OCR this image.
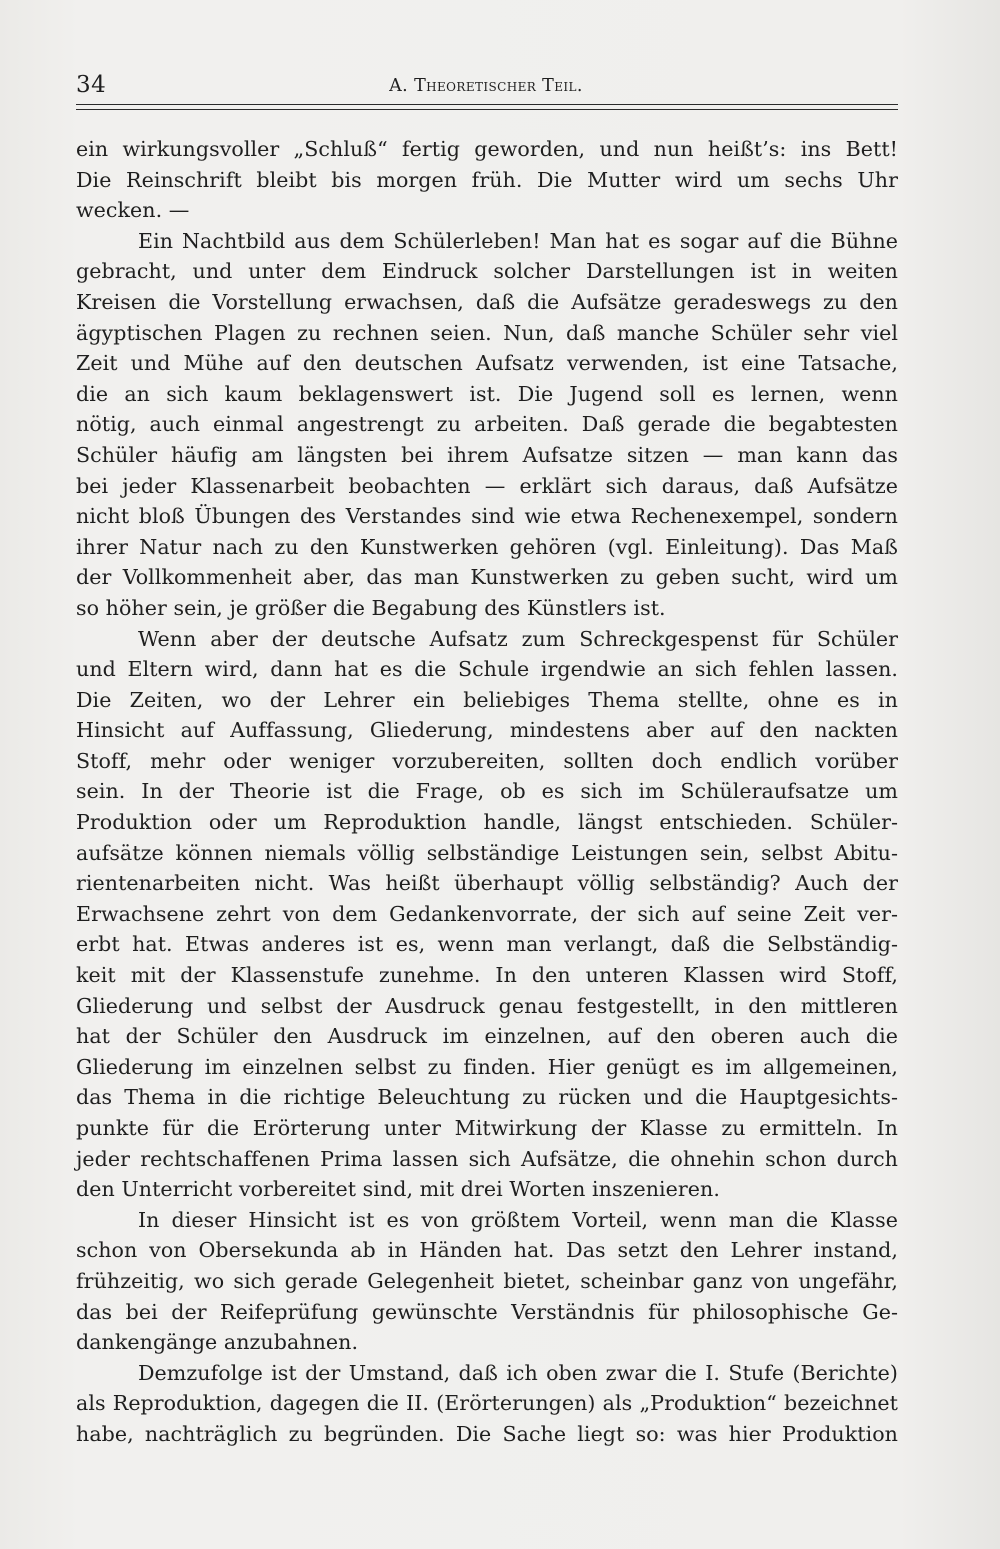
34	A. Theoretischer Teil.
ein wirkungsvoller „Schluß“ fertig geworden, und nun heißt’s: ins Bett!
Die Reinschrift bleibt bis morgen früh. Die Mutter wird um sechs Uhr
wecken. —
Ein Nachtbild aus dem Schülerleben! Man hat es sogar auf die Bühne
gebracht, und unter dem Eindruck solcher Darstellungen ist in weiten
Kreisen die Vorstellung erwachsen, daß die Aufsätze geradeswegs zu den
ägyptischen Plagen zu rechnen seien. Nun, daß manche Schüler sehr viel
Zeit und Mühe auf den deutschen Aufsatz verwenden, ist eine Tatsache,
die an sich kaum beklagenswert ist. Die Jugend soll es lernen, wenn
nötig, auch einmal angestrengt zu arbeiten. Daß gerade die begabtesten
Schüler häufig am längsten bei ihrem Aufsatze sitzen — man kann das
bei jeder Klassenarbeit beobachten — erklärt sich daraus, daß Aufsätze
nicht bloß Übungen des Verstandes sind wie etwa Rechenexempel, sondern
ihrer Natur nach zu den Kunstwerken gehören (vgl. Einleitung). Das Maß
der Vollkommenheit aber, das man Kunstwerken zu geben sucht, wird um
so höher sein, je größer die Begabung des Künstlers ist.
Wenn aber der deutsche Aufsatz zum Schreckgespenst für Schüler
und Eltern wird, dann hat es die Schule irgendwie an sich fehlen lassen.
Die Zeiten, wo der Lehrer ein beliebiges Thema stellte, ohne es in
Hinsicht auf Auffassung, Gliederung, mindestens aber auf den nackten
Stoff, mehr oder weniger vorzubereiten, sollten doch endlich vorüber
sein. In der Theorie ist die Frage, ob es sich im Schüleraufsatze um
Produktion oder um Reproduktion handle, längst entschieden. Schüler-
aufsätze können niemals völlig selbständige Leistungen sein, selbst Abitu-
rientenarbeiten nicht. Was heißt überhaupt völlig selbständig? Auch der
Erwachsene zehrt von dem Gedankenvorrate, der sich auf seine Zeit ver-
erbt hat. Etwas anderes ist es, wenn man verlangt, daß die Selbständig-
keit mit der Klassenstufe zunehme. In den unteren Klassen wird Stoff,
Gliederung und selbst der Ausdruck genau festgestellt, in den mittleren
hat der Schüler den Ausdruck im einzelnen, auf den oberen auch die
Gliederung im einzelnen selbst zu finden. Hier genügt es im allgemeinen,
das Thema in die richtige Beleuchtung zu rücken und die Hauptgesichts-
punkte für die Erörterung unter Mitwirkung der Klasse zu ermitteln. In
jeder rechtschaffenen Prima lassen sich Aufsätze, die ohnehin schon durch
den Unterricht vorbereitet sind, mit drei Worten inszenieren.
In dieser Hinsicht ist es von größtem Vorteil, wenn man die Klasse
schon von Obersekunda ab in Händen hat. Das setzt den Lehrer instand,
frühzeitig, wo sich gerade Gelegenheit bietet, scheinbar ganz von ungefähr,
das bei der Reifeprüfung gewünschte Verständnis für philosophische Ge-
dankengänge anzubahnen.
Demzufolge ist der Umstand, daß ich oben zwar die I. Stufe (Berichte)
als Reproduktion, dagegen die II. (Erörterungen) als „Produktion“ bezeichnet
habe, nachträglich zu begründen. Die Sache liegt so: was hier Produktion
